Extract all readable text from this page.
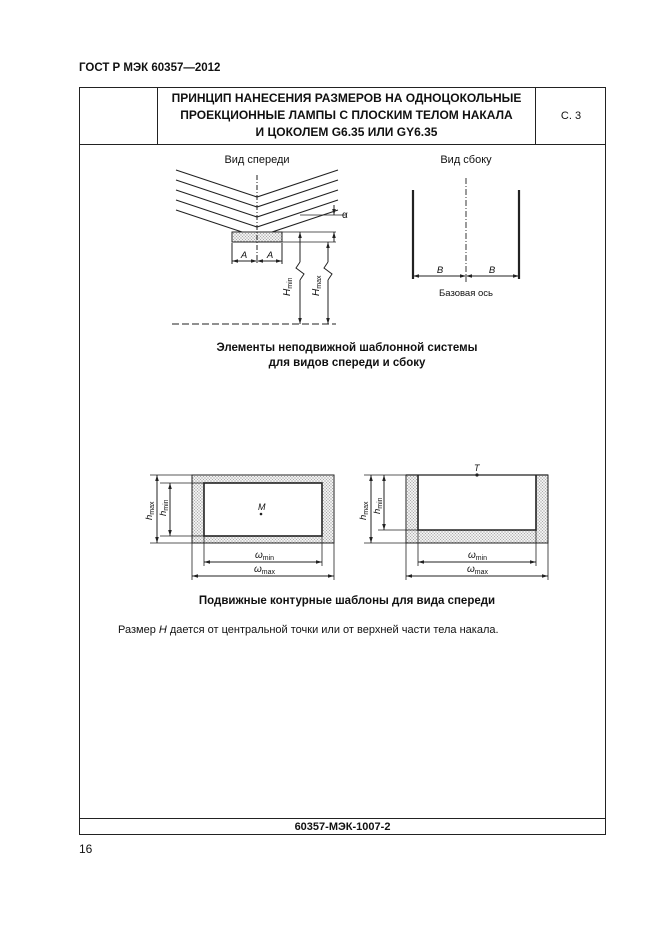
ГОСТ Р МЭК 60357—2012
ПРИНЦИП НАНЕСЕНИЯ РАЗМЕРОВ НА ОДНОЦОКОЛЬНЫЕ
ПРОЕКЦИОННЫЕ ЛАМПЫ С ПЛОСКИМ ТЕЛОМ НАКАЛА
И ЦОКОЛЕМ G6.35 ИЛИ GY6.35
С. 3
Вид спереди
A A
α
$H_{min}$
$H_{max}$
Вид сбоку
B	B
Базовая ось
M
$h_{max}$ $h_{min}$
$\omega_{min}$
$\omega_{max}$
T
$h_{max}$ $h_{min}$
$\omega_{min}$
$\omega_{max}$
Элементы неподвижной шаблонной системы
для видов спереди и сбоку
Подвижные контурные шаблоны для вида спереди
Размер H дается от центральной точки или от верхней части тела накала.
60357-МЭК-1007-2
16
